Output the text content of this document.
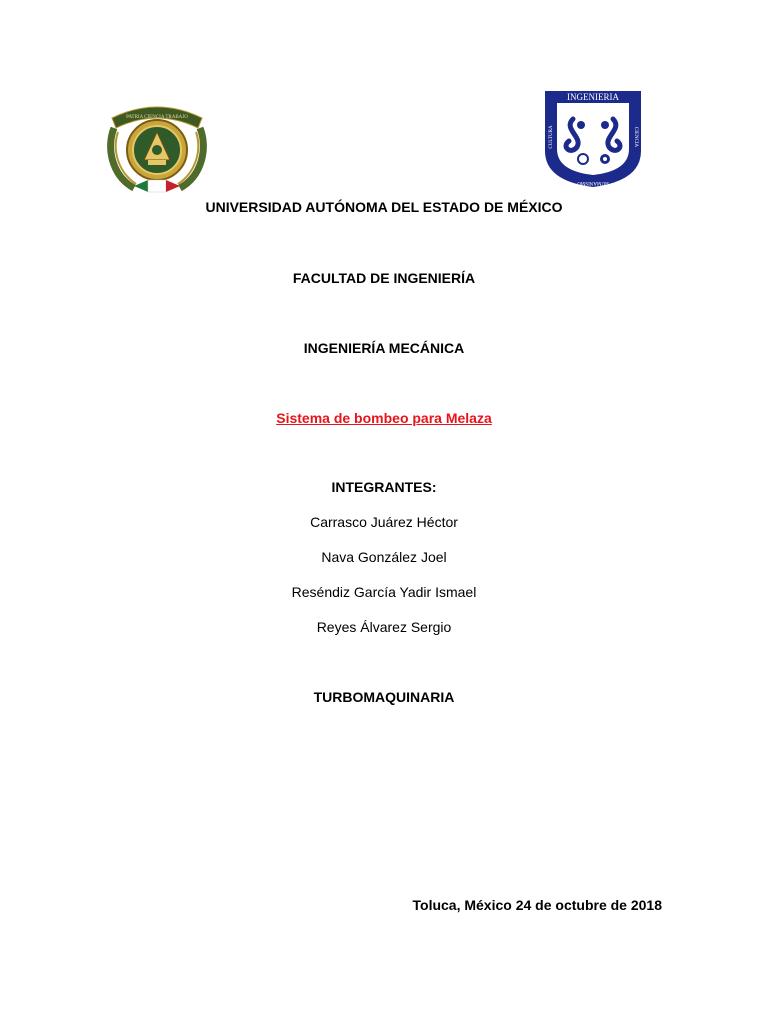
PATRIA CIENCIA TRABAJO
INGENIERIA
CULTURA	CIENCIA
HUMANISMO
UNIVERSIDAD AUTÓNOMA DEL ESTADO DE MÉXICO
FACULTAD DE INGENIERÍA
INGENIERÍA MECÁNICA
Sistema de bombeo para Melaza
INTEGRANTES:
Carrasco Juárez Héctor
Nava González Joel
Reséndiz García Yadir Ismael
Reyes Álvarez Sergio
TURBOMAQUINARIA
Toluca, México 24 de octubre de 2018
